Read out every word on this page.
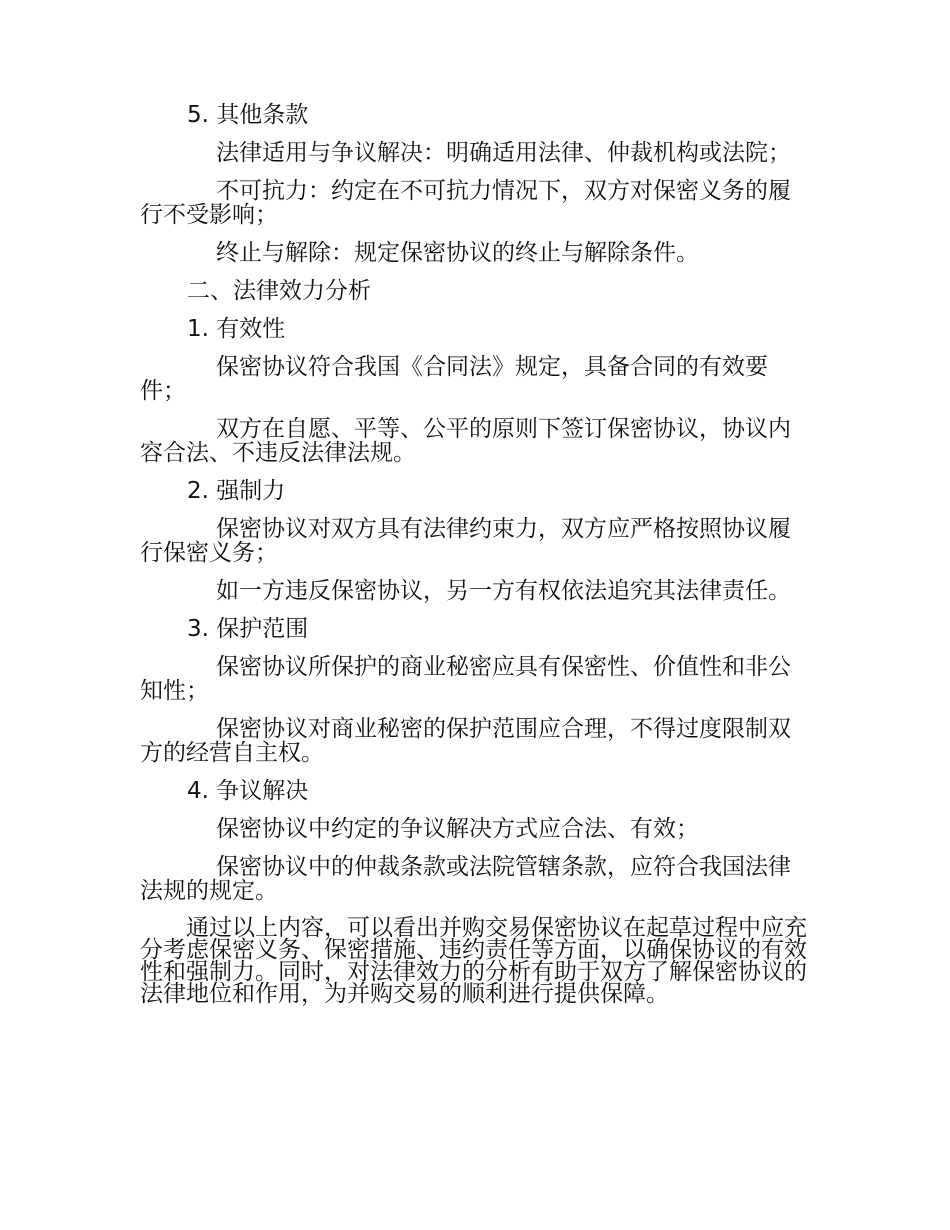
5. 其他条款

法律适用与争议解决：明确适用法律、仲裁机构或法院；

不可抗力：约定在不可抗力情况下，双方对保密义务的履行不受影响；

终止与解除：规定保密协议的终止与解除条件。

二、法律效力分析

1. 有效性

保密协议符合我国《合同法》规定，具备合同的有效要件；

双方在自愿、平等、公平的原则下签订保密协议，协议内容合法、不违反法律法规。

2. 强制力

保密协议对双方具有法律约束力，双方应严格按照协议履行保密义务；

如一方违反保密协议，另一方有权依法追究其法律责任。

3. 保护范围

保密协议所保护的商业秘密应具有保密性、价值性和非公知性；

保密协议对商业秘密的保护范围应合理，不得过度限制双方的经营自主权。

4. 争议解决

保密协议中约定的争议解决方式应合法、有效；

保密协议中的仲裁条款或法院管辖条款，应符合我国法律法规的规定。

通过以上内容，可以看出并购交易保密协议在起草过程中应充分考虑保密义务、保密措施、违约责任等方面，以确保协议的有效性和强制力。同时，对法律效力的分析有助于双方了解保密协议的法律地位和作用，为并购交易的顺利进行提供保障。
